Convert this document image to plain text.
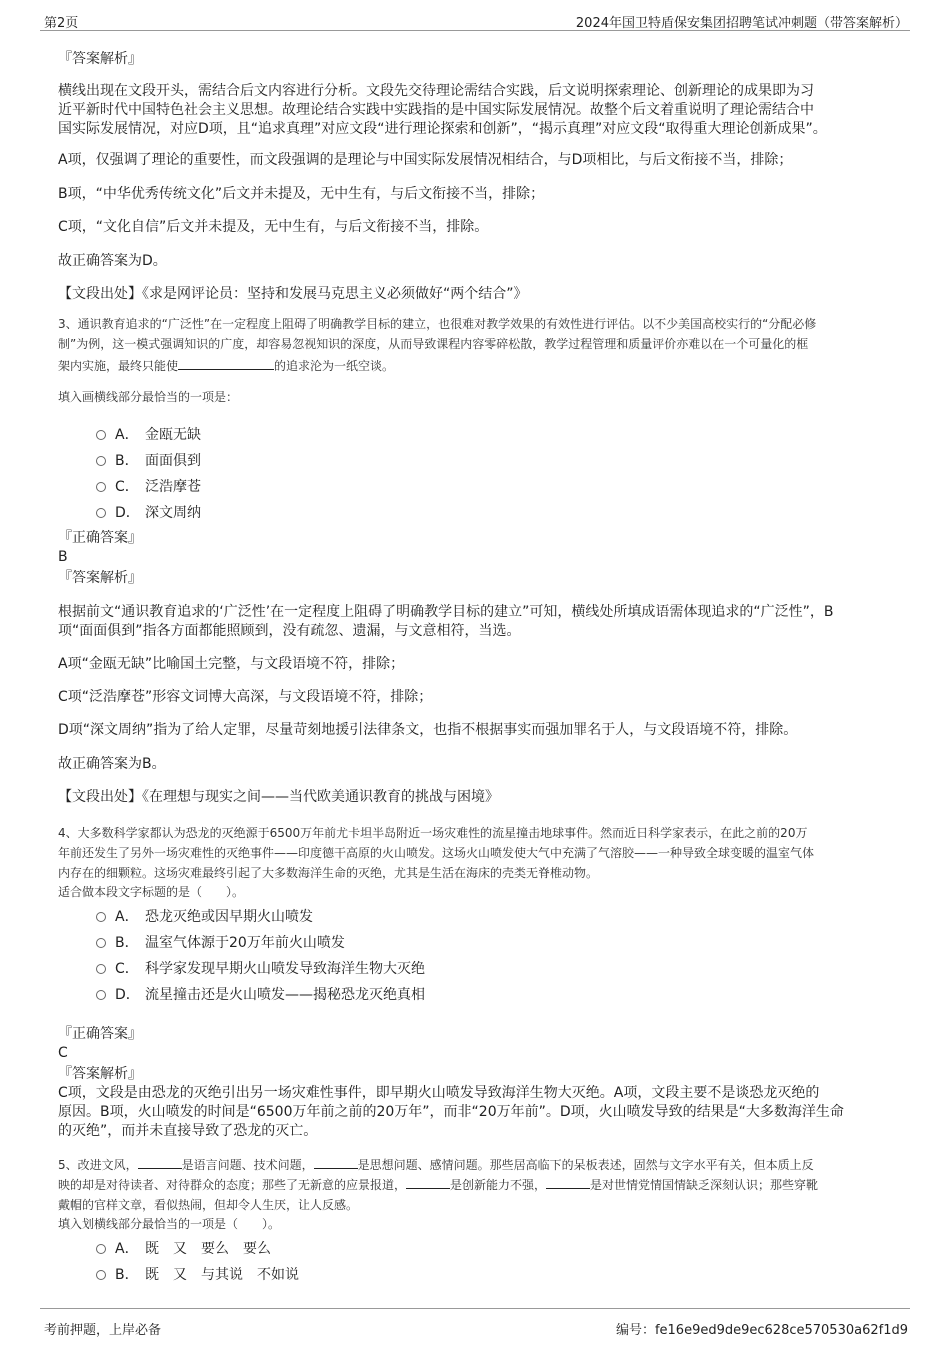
第2页	2024年国卫特盾保安集团招聘笔试冲刺题（带答案解析）
『答案解析』
横线出现在文段开头，需结合后文内容进行分析。文段先交待理论需结合实践，后文说明探索理论、创新理论的成果即为习
近平新时代中国特色社会主义思想。故理论结合实践中实践指的是中国实际发展情况。故整个后文着重说明了理论需结合中
国实际发展情况，对应D项，且“追求真理”对应文段“进行理论探索和创新”，“揭示真理”对应文段“取得重大理论创新成果”。
A项，仅强调了理论的重要性，而文段强调的是理论与中国实际发展情况相结合，与D项相比，与后文衔接不当，排除；
B项，“中华优秀传统文化”后文并未提及，无中生有，与后文衔接不当，排除；
C项，“文化自信”后文并未提及，无中生有，与后文衔接不当，排除。
故正确答案为D。
【文段出处】《求是网评论员：坚持和发展马克思主义必须做好“两个结合”》
3、通识教育追求的“广泛性”在一定程度上阻碍了明确教学目标的建立，也很难对教学效果的有效性进行评估。以不少美国高校实行的“分配必修
制”为例，这一模式强调知识的广度，却容易忽视知识的深度，从而导致课程内容零碎松散，教学过程管理和质量评价亦难以在一个可量化的框
架内实施，最终只能使	的追求沦为一纸空谈。
填入画横线部分最恰当的一项是：
A． 金瓯无缺
B． 面面俱到
C． 泛浩摩苍
D． 深文周纳
『正确答案』
B
『答案解析』
根据前文“通识教育追求的‘广泛性’在一定程度上阻碍了明确教学目标的建立”可知，横线处所填成语需体现追求的“广泛性”，B
项“面面俱到”指各方面都能照顾到，没有疏忽、遗漏，与文意相符，当选。
A项“金瓯无缺”比喻国土完整，与文段语境不符，排除；
C项“泛浩摩苍”形容文词博大高深，与文段语境不符，排除；
D项“深文周纳”指为了给人定罪，尽量苛刻地援引法律条文，也指不根据事实而强加罪名于人，与文段语境不符，排除。
故正确答案为B。
【文段出处】《在理想与现实之间——当代欧美通识教育的挑战与困境》
4、大多数科学家都认为恐龙的灭绝源于6500万年前尤卡坦半岛附近一场灾难性的流星撞击地球事件。然而近日科学家表示，在此之前的20万
年前还发生了另外一场灾难性的灭绝事件——印度德干高原的火山喷发。这场火山喷发使大气中充满了气溶胶——一种导致全球变暖的温室气体
内存在的细颗粒。这场灾难最终引起了大多数海洋生命的灭绝，尤其是生活在海床的壳类无脊椎动物。
适合做本段文字标题的是（　　）。
A． 恐龙灭绝或因早期火山喷发
B． 温室气体源于20万年前火山喷发
C． 科学家发现早期火山喷发导致海洋生物大灭绝
D． 流星撞击还是火山喷发——揭秘恐龙灭绝真相
『正确答案』
C
『答案解析』
C项，文段是由恐龙的灭绝引出另一场灾难性事件，即早期火山喷发导致海洋生物大灭绝。A项，文段主要不是谈恐龙灭绝的
原因。B项，火山喷发的时间是“6500万年前之前的20万年”，而非“20万年前”。D项，火山喷发导致的结果是“大多数海洋生命
的灭绝”，而并未直接导致了恐龙的灭亡。
5、改进文风，	是语言问题、技术问题，	是思想问题、感情问题。那些居高临下的呆板表述，固然与文字水平有关，但本质上反
映的却是对待读者、对待群众的态度；那些了无新意的应景报道，	是创新能力不强，	是对世情党情国情缺乏深刻认识；那些穿靴
戴帽的官样文章，看似热闹，但却令人生厌，让人反感。
填入划横线部分最恰当的一项是（　　）。
A． 既　又　要么　要么
B． 既　又　与其说　不如说
考前押题，上岸必备	编号：fe16e9ed9de9ec628ce570530a62f1d9
